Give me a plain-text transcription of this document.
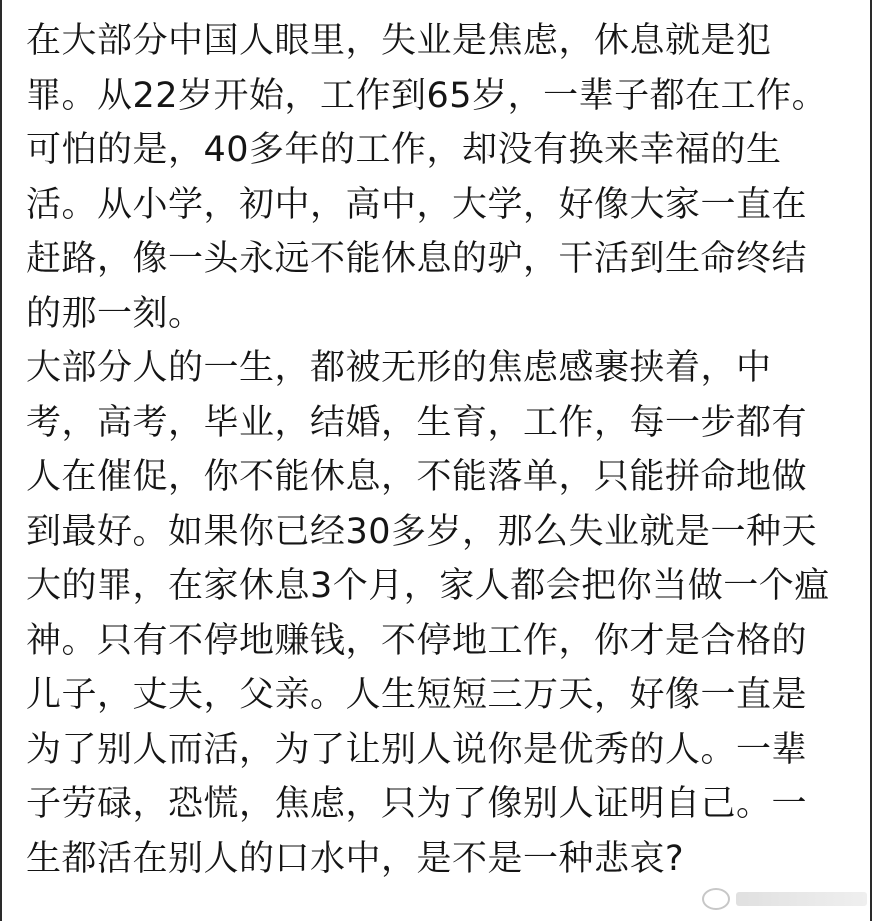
在大部分中国人眼里，失业是焦虑，休息就是犯
罪。从22岁开始，工作到65岁，一辈子都在工作。
可怕的是，40多年的工作，却没有换来幸福的生
活。从小学，初中，高中，大学，好像大家一直在
赶路，像一头永远不能休息的驴，干活到生命终结
的那一刻。
大部分人的一生，都被无形的焦虑感裹挟着，中
考，高考，毕业，结婚，生育，工作，每一步都有
人在催促，你不能休息，不能落单，只能拼命地做
到最好。如果你已经30多岁，那么失业就是一种天
大的罪，在家休息3个月，家人都会把你当做一个瘟
神。只有不停地赚钱，不停地工作，你才是合格的
儿子，丈夫，父亲。人生短短三万天，好像一直是
为了别人而活，为了让别人说你是优秀的人。一辈
子劳碌，恐慌，焦虑，只为了像别人证明自己。一
生都活在别人的口水中，是不是一种悲哀?
